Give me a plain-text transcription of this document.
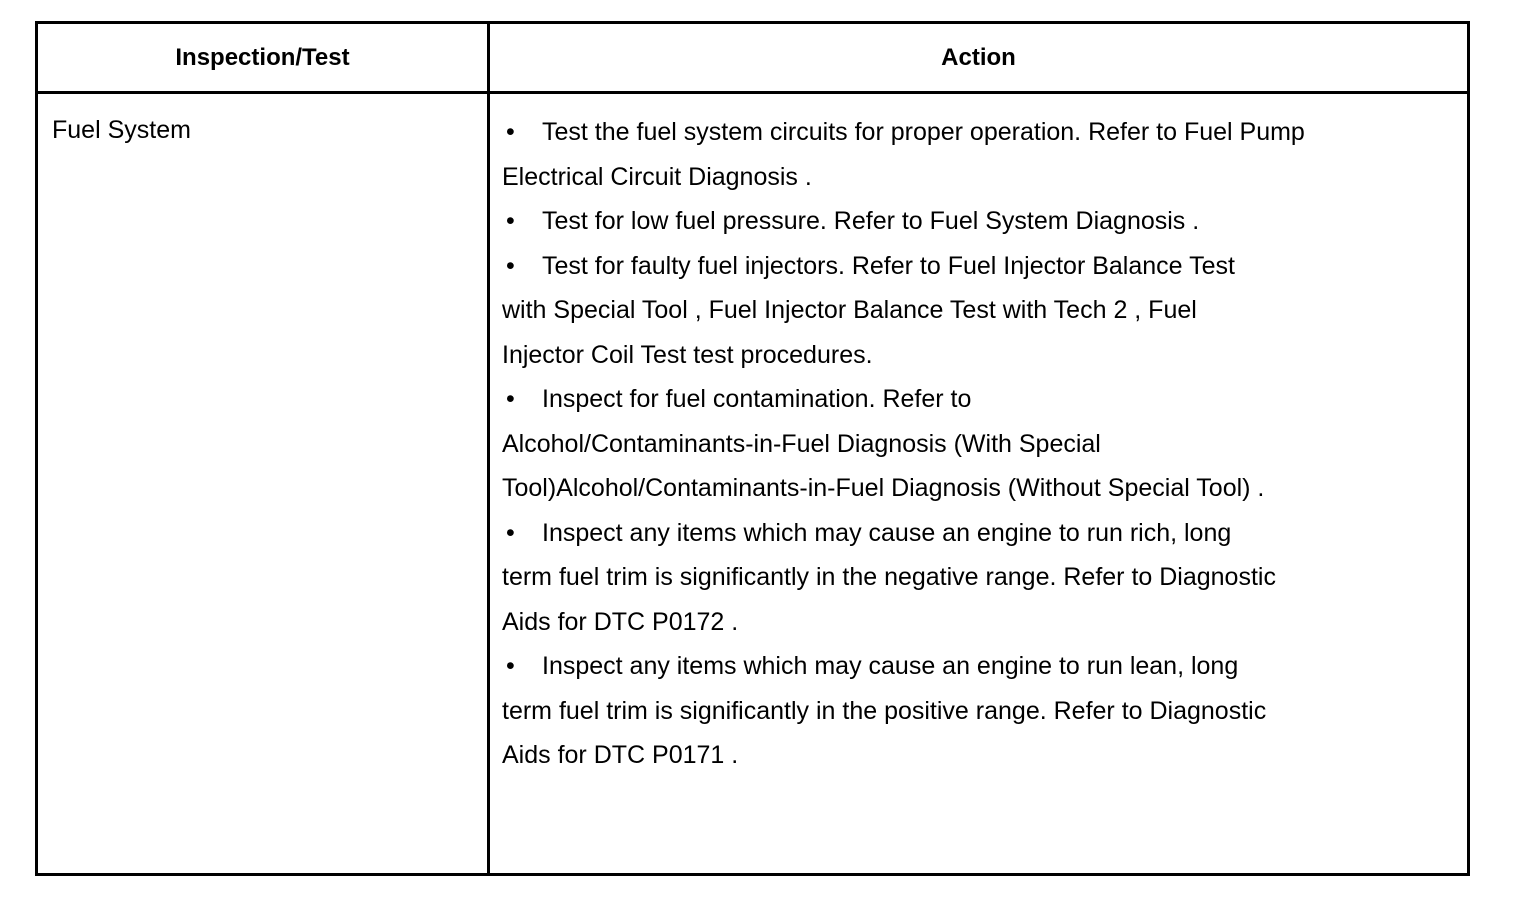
Inspection/Test	Action
Fuel System	• Test the fuel system circuits for proper operation. Refer to Fuel Pump
Electrical Circuit Diagnosis .
• Test for low fuel pressure. Refer to Fuel System Diagnosis .
• Test for faulty fuel injectors. Refer to Fuel Injector Balance Test
with Special Tool , Fuel Injector Balance Test with Tech 2 , Fuel
Injector Coil Test test procedures.
• Inspect for fuel contamination. Refer to
Alcohol/Contaminants-in-Fuel Diagnosis (With Special
Tool)Alcohol/Contaminants-in-Fuel Diagnosis (Without Special Tool) .
• Inspect any items which may cause an engine to run rich, long
term fuel trim is significantly in the negative range. Refer to Diagnostic
Aids for DTC P0172 .
• Inspect any items which may cause an engine to run lean, long
term fuel trim is significantly in the positive range. Refer to Diagnostic
Aids for DTC P0171 .
